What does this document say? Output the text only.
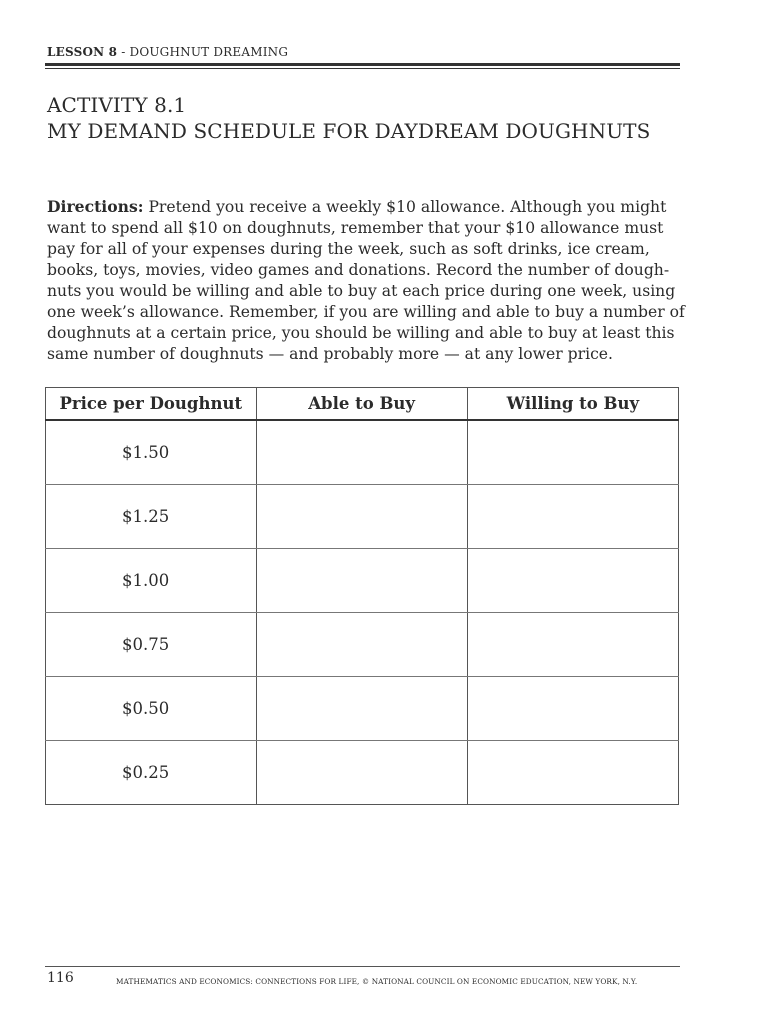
LESSON 8 - DOUGHNUT DREAMING
ACTIVITY 8.1
MY DEMAND SCHEDULE FOR DAYDREAM DOUGHNUTS
Directions: Pretend you receive a weekly $10 allowance. Although you might want to spend all $10 on doughnuts, remember that your $10 allowance must pay for all of your expenses during the week, such as soft drinks, ice cream, books, toys, movies, video games and donations. Record the number of dough-nuts you would be willing and able to buy at each price during one week, using one week’s allowance. Remember, if you are willing and able to buy a number of doughnuts at a certain price, you should be willing and able to buy at least this same number of doughnuts — and probably more — at any lower price.
Price per Doughnut	Able to Buy	Willing to Buy
$1.50		
$1.25		
$1.00		
$0.75		
$0.50		
$0.25		
116	MATHEMATICS AND ECONOMICS: CONNECTIONS FOR LIFE, © NATIONAL COUNCIL ON ECONOMIC EDUCATION, NEW YORK, N.Y.
